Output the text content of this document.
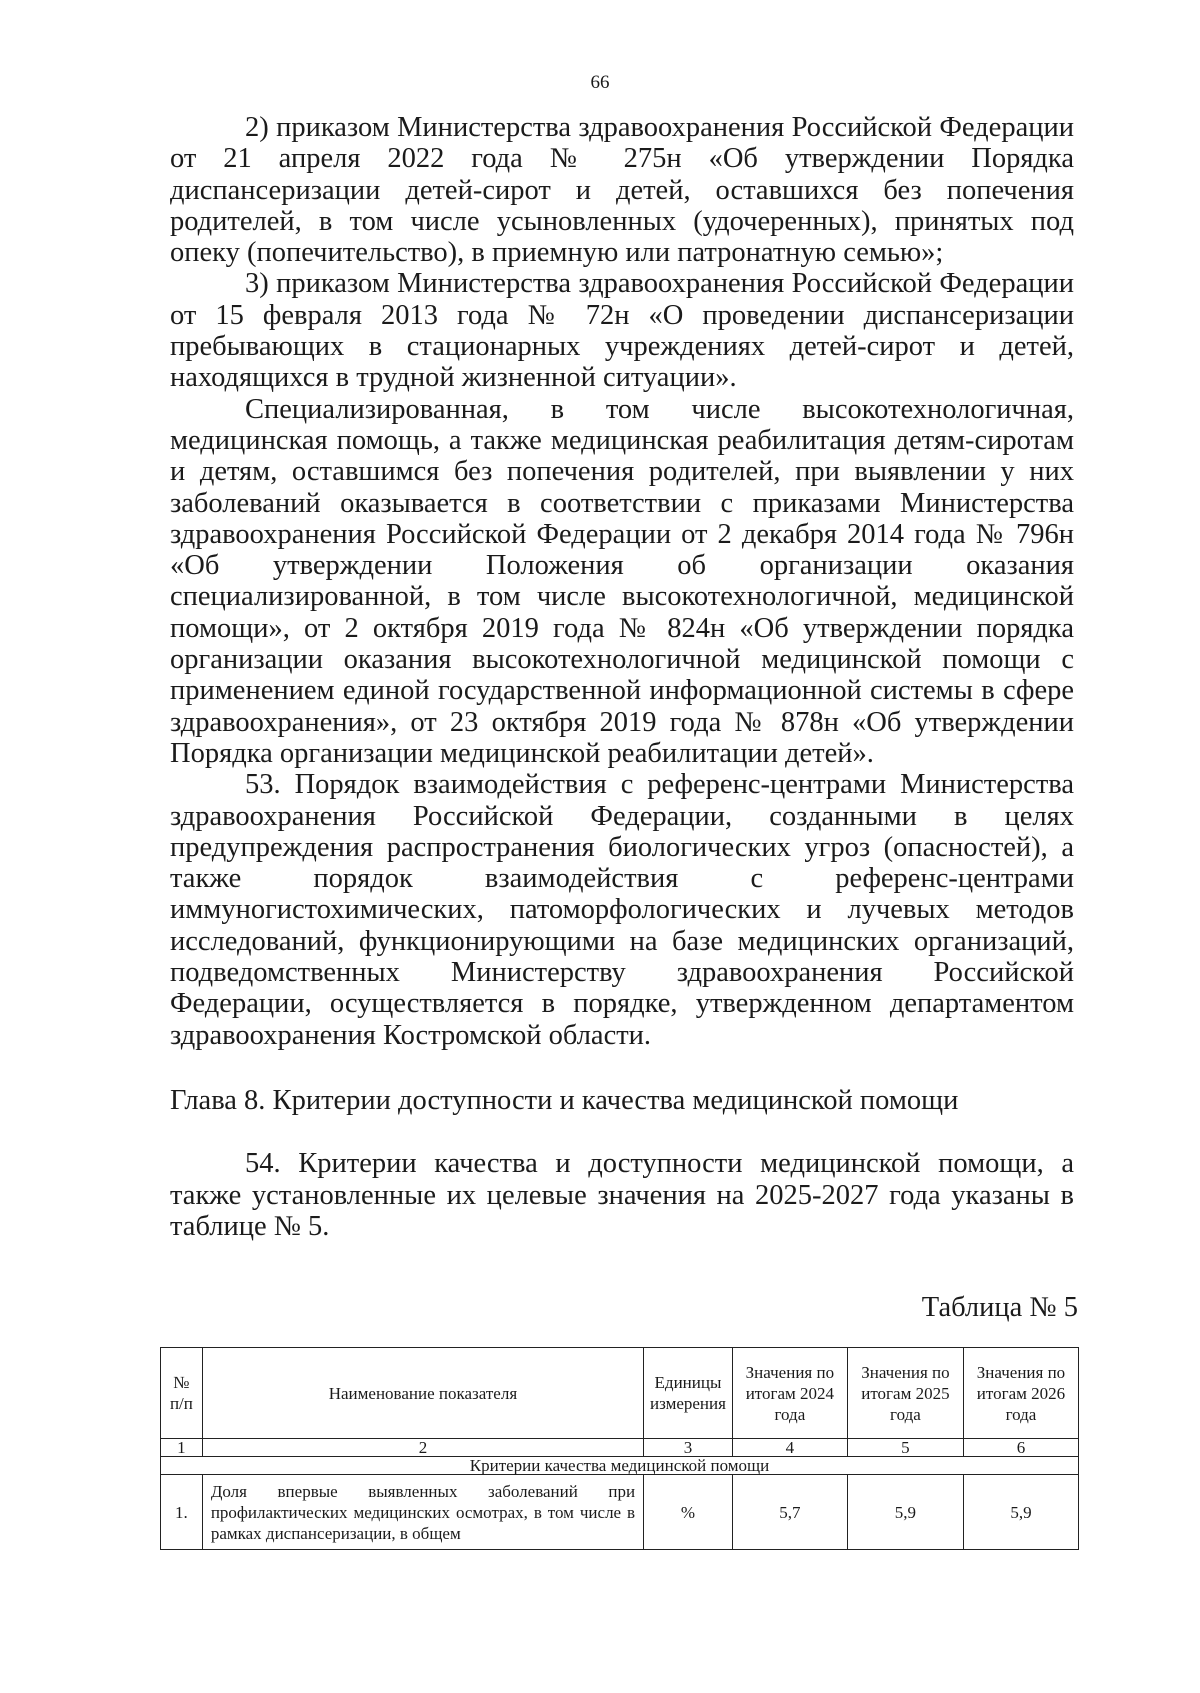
66

2) приказом Министерства здравоохранения Российской Федерации от 21 апреля 2022 года № 275н «Об утверждении Порядка диспансеризации детей-сирот и детей, оставшихся без попечения родителей, в том числе усыновленных (удочеренных), принятых под опеку (попечительство), в приемную или патронатную семью»;

3) приказом Министерства здравоохранения Российской Федерации от 15 февраля 2013 года № 72н «О проведении диспансеризации пребывающих в стационарных учреждениях детей-сирот и детей, находящихся в трудной жизненной ситуации».

Специализированная, в том числе высокотехнологичная, медицинская помощь, а также медицинская реабилитация детям-сиротам и детям, оставшимся без попечения родителей, при выявлении у них заболеваний оказывается в соответствии с приказами Министерства здравоохранения Российской Федерации от 2 декабря 2014 года № 796н «Об утверждении Положения об организации оказания специализированной, в том числе высокотехнологичной, медицинской помощи», от 2 октября 2019 года № 824н «Об утверждении порядка организации оказания высокотехнологичной медицинской помощи с применением единой государственной информационной системы в сфере здравоохранения», от 23 октября 2019 года № 878н «Об утверждении Порядка организации медицинской реабилитации детей».

53. Порядок взаимодействия с референс-центрами Министерства здравоохранения Российской Федерации, созданными в целях предупреждения распространения биологических угроз (опасностей), а также порядок взаимодействия с референс-центрами иммуногистохимических, патоморфологических и лучевых методов исследований, функционирующими на базе медицинских организаций, подведомственных Министерству здравоохранения Российской Федерации, осуществляется в порядке, утвержденном департаментом здравоохранения Костромской области.

Глава 8. Критерии доступности и качества медицинской помощи

54. Критерии качества и доступности медицинской помощи, а также установленные их целевые значения на 2025-2027 года указаны в таблице № 5.

Таблица № 5
№ п/п	Наименование показателя	Единицы измерения	Значения по итогам 2024 года	Значения по итогам 2025 года	Значения по итогам 2026 года
1	2	3	4	5	6
Критерии качества медицинской помощи					
1.	Доля впервые выявленных заболеваний при профилактических медицинских осмотрах, в том числе в рамках диспансеризации, в общем	%	5,7	5,9	5,9
